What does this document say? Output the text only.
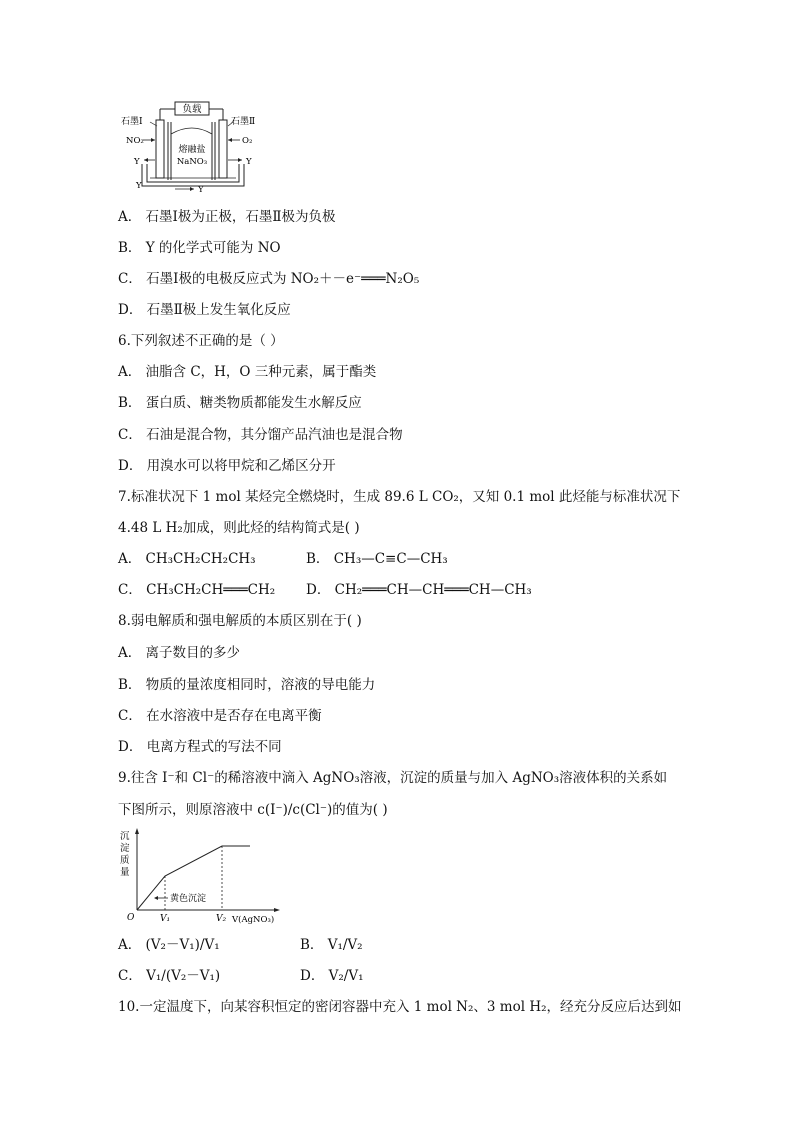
负载
熔融盐
NaNO₃
石墨Ⅰ	石墨Ⅱ
NO₂	O₂
Y	Y
Y	Y
A． 石墨Ⅰ极为正极，石墨Ⅱ极为负极
B． Y 的化学式可能为 NO
C． 石墨Ⅰ极的电极反应式为 NO₂＋－e⁻═══N₂O₅
D． 石墨Ⅱ极上发生氧化反应
6.下列叙述不正确的是（ ）
A． 油脂含 C，H，O 三种元素，属于酯类
B． 蛋白质、糖类物质都能发生水解反应
C． 石油是混合物，其分馏产品汽油也是混合物
D． 用溴水可以将甲烷和乙烯区分开
7.标准状况下 1 mol 某烃完全燃烧时，生成 89.6 L CO₂，又知 0.1 mol 此烃能与标准状况下
4.48 L H₂加成，则此烃的结构简式是( )
A． CH₃CH₂CH₂CH₃	B． CH₃—C≡C—CH₃
C． CH₃CH₂CH═══CH₂ D． CH₂═══CH—CH═══CH—CH₃
8.弱电解质和强电解质的本质区别在于( )
A． 离子数目的多少
B． 物质的量浓度相同时，溶液的导电能力
C． 在水溶液中是否存在电离平衡
D． 电离方程式的写法不同
9.往含 I⁻和 Cl⁻的稀溶液中滴入 AgNO₃溶液，沉淀的质量与加入 AgNO₃溶液体积的关系如
下图所示，则原溶液中 c(I⁻)/c(Cl⁻)的值为( )
沉
淀
质
量
黄色沉淀
O	V₁	V₂ V(AgNO₃)
A． (V₂－V₁)/V₁	B． V₁/V₂
C． V₁/(V₂－V₁)	D． V₂/V₁
10.一定温度下，向某容积恒定的密闭容器中充入 1 mol N₂、3 mol H₂，经充分反应后达到如
